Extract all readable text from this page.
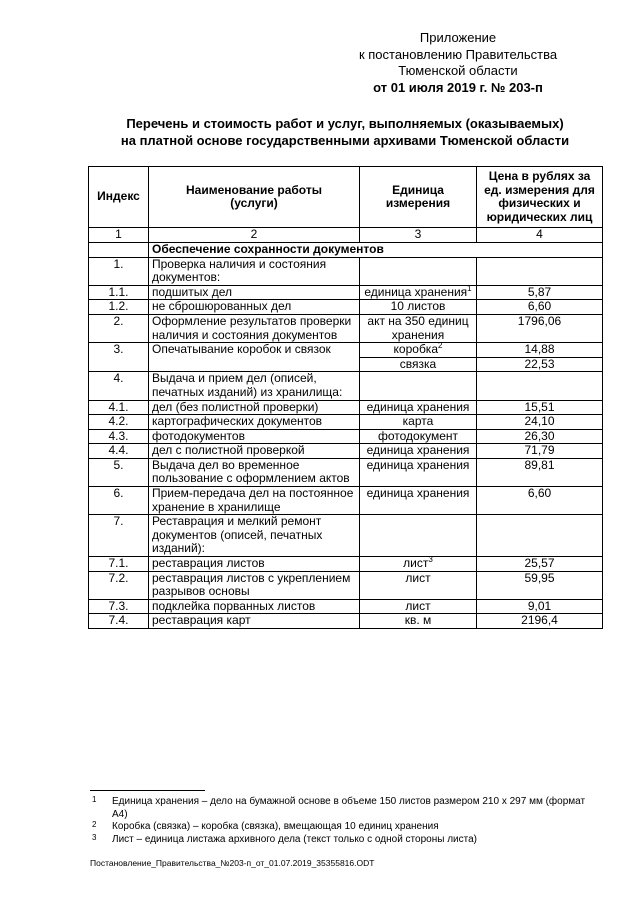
Приложение
к постановлению Правительства
Тюменской области
от 01 июля 2019 г. № 203-п
Перечень и стоимость работ и услуг, выполняемых (оказываемых)
на платной основе государственными архивами Тюменской области
Индекс	Наименование работы (услуги)	Единица измерения	Цена в рублях за ед. измерения для физических и юридических лиц
1	2	3	4
	Обеспечение сохранности документов		
1.	Проверка наличия и состояния документов:		
1.1.	подшитых дел	единица хранения$^1$	5,87
1.2.	не сброшюрованных дел	10 листов	6,60
2.	Оформление результатов проверки наличия и состояния документов	акт на 350 единиц хранения	1796,06
3.	Опечатывание коробок и связок	коробка$^2$	14,88
		связка	22,53
4.	Выдача и прием дел (описей, печатных изданий) из хранилища:		
4.1.	дел (без полистной проверки)	единица хранения	15,51
4.2.	картографических документов	карта	24,10
4.3.	фотодокументов	фотодокумент	26,30
4.4.	дел с полистной проверкой	единица хранения	71,79
5.	Выдача дел во временное пользование с оформлением актов	единица хранения	89,81
6.	Прием-передача дел на постоянное хранение в хранилище	единица хранения	6,60
7.	Реставрация и мелкий ремонт документов (описей, печатных изданий):		
7.1.	реставрация листов	лист$^3$	25,57
7.2.	реставрация листов с укреплением разрывов основы	лист	59,95
7.3.	подклейка порванных листов	лист	9,01
7.4.	реставрация карт	кв. м	2196,4
1 Единица хранения – дело на бумажной основе в объеме 150 листов размером 210 х 297 мм (формат А4)
2 Коробка (связка) – коробка (связка), вмещающая 10 единиц хранения
3 Лист – единица листажа архивного дела (текст только с одной стороны листа)
Постановление_Правительства_№203-п_от_01.07.2019_35355816.ODT
